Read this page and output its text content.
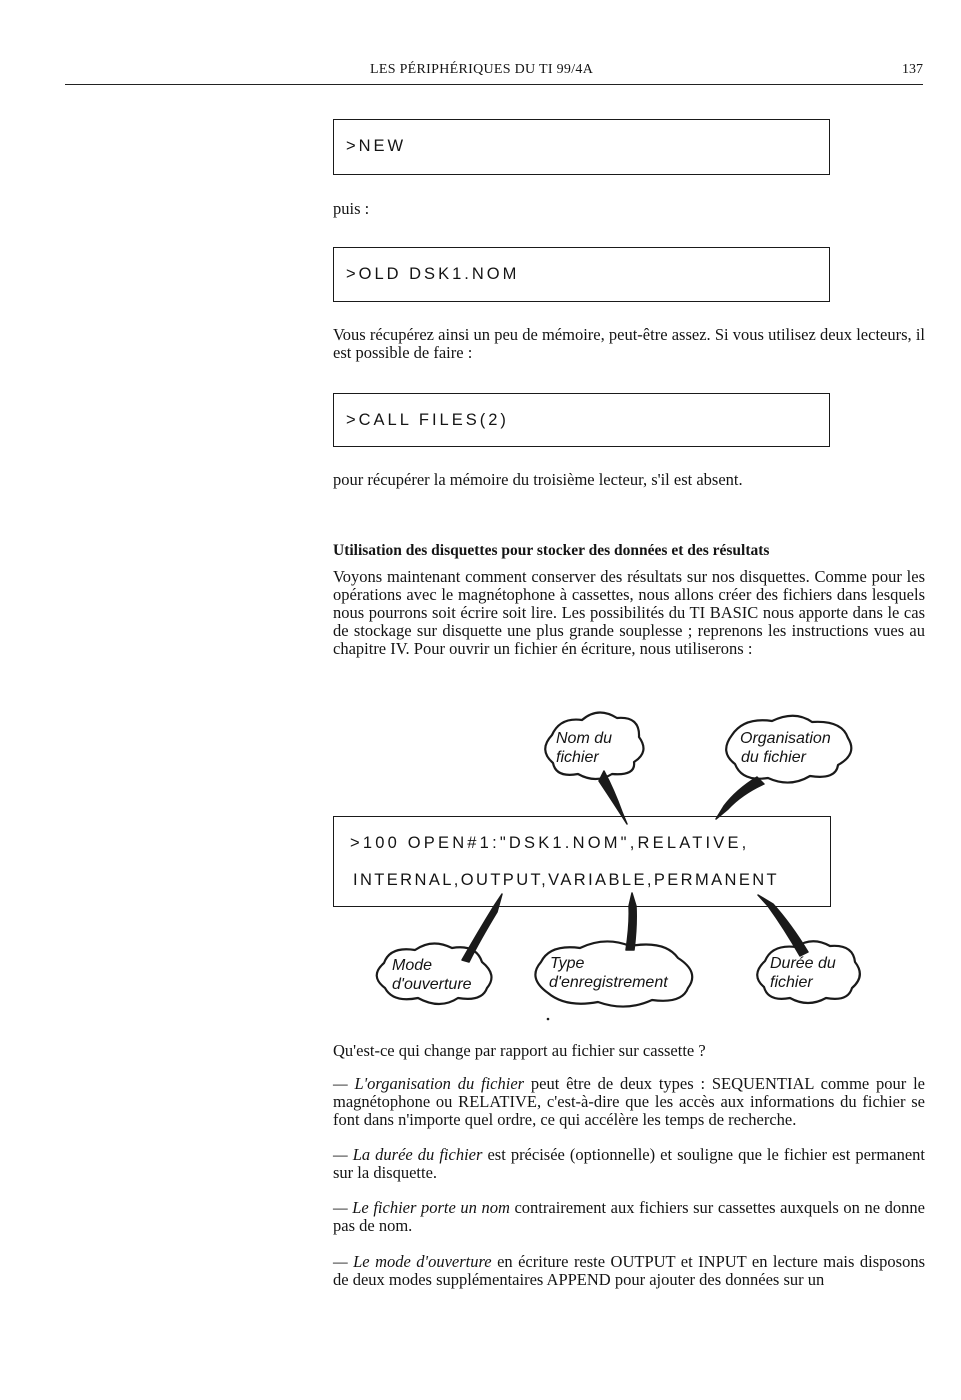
LES PÉRIPHÉRIQUES DU TI 99/4A	137
>NEW
puis :
>OLD DSK1.NOM
Vous récupérez ainsi un peu de mémoire, peut-être assez. Si vous utilisez deux lecteurs, il est possible de faire :
>CALL FILES(2)
pour récupérer la mémoire du troisième lecteur, s'il est absent.
Utilisation des disquettes pour stocker des données et des résultats
Voyons maintenant comment conserver des résultats sur nos disquettes. Comme pour les opérations avec le magnétophone à cassettes, nous allons créer des fichiers dans lesquels nous pourrons soit écrire soit lire. Les possibilités du TI BASIC nous apporte dans le cas de stockage sur disquette une plus grande souplesse ; reprenons les instructions vues au chapitre IV. Pour ouvrir un fichier én écriture, nous utiliserons :
Nom du
fichier
Organisation
du fichier
Mode
d'ouverture
Type
d'enregistrement
Durée du
fichier
>100 OPEN#1:"DSK1.NOM",RELATIVE,
INTERNAL,OUTPUT,VARIABLE,PERMANENT
Qu'est-ce qui change par rapport au fichier sur cassette ?
— L'organisation du fichier peut être de deux types : SEQUENTIAL comme pour le magnétophone ou RELATIVE, c'est-à-dire que les accès aux informations du fichier se font dans n'importe quel ordre, ce qui accélère les temps de recherche.
— La durée du fichier est précisée (optionnelle) et souligne que le fichier est permanent sur la disquette.
— Le fichier porte un nom contrairement aux fichiers sur cassettes auxquels on ne donne pas de nom.
— Le mode d'ouverture en écriture reste OUTPUT et INPUT en lecture mais disposons de deux modes supplémentaires APPEND pour ajouter des données sur un
